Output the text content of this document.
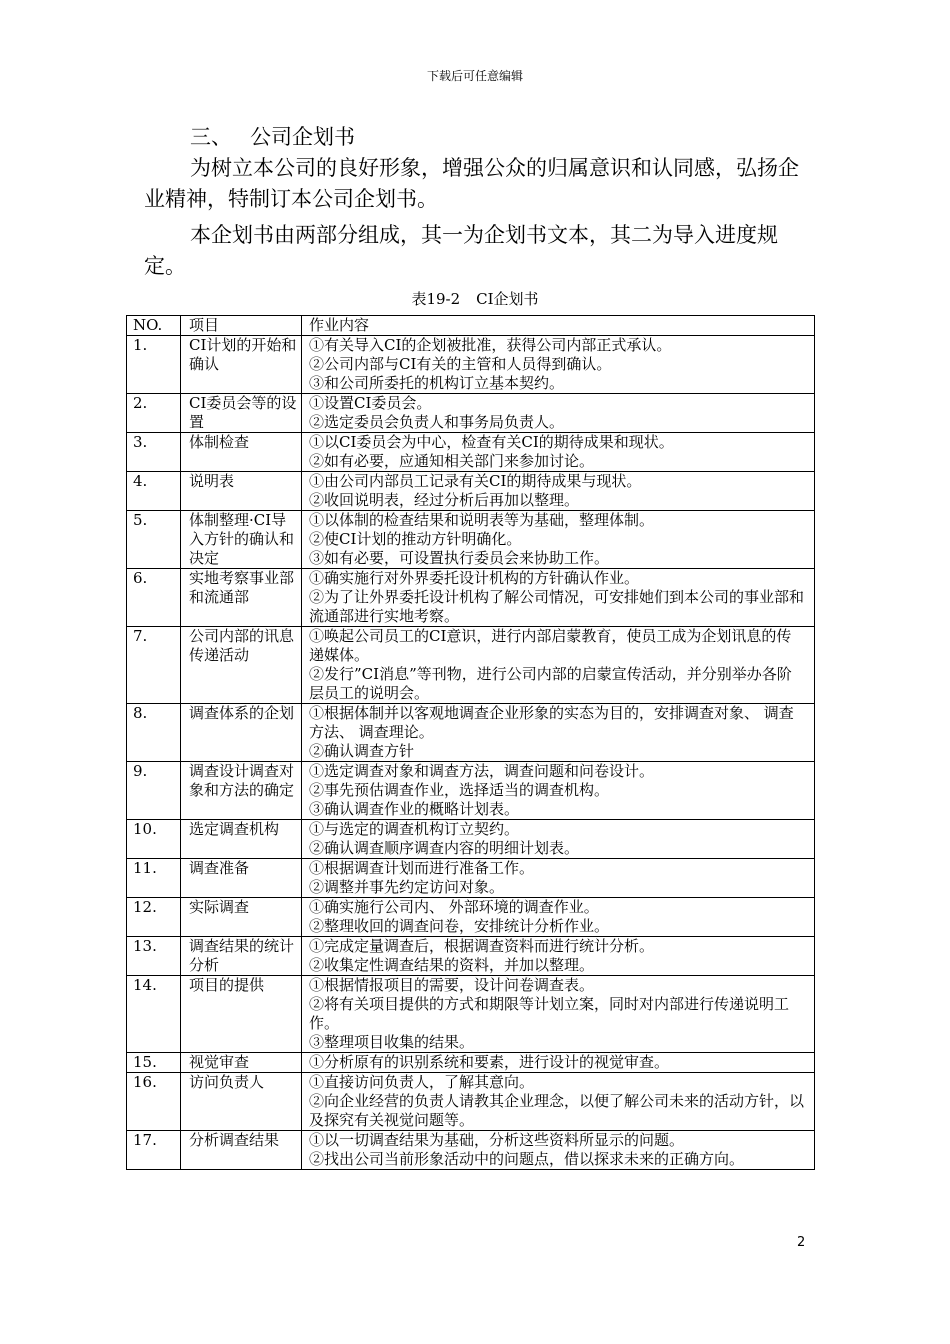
下载后可任意编辑
三、 公司企划书
为树立本公司的良好形象，增强公众的归属意识和认同感，弘扬企业精神，特制订本公司企划书。
本企划书由两部分组成，其一为企划书文本，其二为导入进度规定。
表19-2 CI企划书
NO.	项目	作业内容
1.	CI计划的开始和确认	①有关导入CI的企划被批准，获得公司内部正式承认。
②公司内部与CI有关的主管和人员得到确认。
③和公司所委托的机构订立基本契约。

2.	CI委员会等的设置	①设置CI委员会。
②选定委员会负责人和事务局负责人。

3.	体制检查	①以CI委员会为中心，检查有关CI的期待成果和现状。
②如有必要，应通知相关部门来参加讨论。

4.	说明表	①由公司内部员工记录有关CI的期待成果与现状。
②收回说明表，经过分析后再加以整理。

5.	体制整理·CI导入方针的确认和决定	①以体制的检查结果和说明表等为基础，整理体制。
②使CI计划的推动方针明确化。
③如有必要，可设置执行委员会来协助工作。

6.	实地考察事业部和流通部	①确实施行对外界委托设计机构的方针确认作业。
②为了让外界委托设计机构了解公司情况，可安排她们到本公司的事业部和流通部进行实地考察。

7.	公司内部的讯息传递活动	①唤起公司员工的CI意识，进行内部启蒙教育，使员工成为企划讯息的传递媒体。
②发行”CI消息”等刊物，进行公司内部的启蒙宣传活动，并分别举办各阶层员工的说明会。

8.	调查体系的企划	①根据体制并以客观地调查企业形象的实态为目的，安排调查对象、 调查方法、 调查理论。
②确认调查方针

9.	调查设计调查对象和方法的确定	①选定调查对象和调查方法，调查问题和问卷设计。
②事先预估调查作业，选择适当的调查机构。
③确认调查作业的概略计划表。

10.	选定调查机构	①与选定的调查机构订立契约。
②确认调查顺序调查内容的明细计划表。

11.	调查准备	①根据调查计划而进行准备工作。
②调整并事先约定访问对象。

12.	实际调查	①确实施行公司内、 外部环境的调查作业。
②整理收回的调查问卷，安排统计分析作业。

13.	调查结果的统计分析	①完成定量调查后，根据调查资料而进行统计分析。
②收集定性调查结果的资料，并加以整理。

14.	项目的提供	①根据情报项目的需要，设计问卷调查表。
②将有关项目提供的方式和期限等计划立案，同时对内部进行传递说明工作。
③整理项目收集的结果。

15.	视觉审查	①分析原有的识别系统和要素，进行设计的视觉审查。

16.	访问负责人	①直接访问负责人，了解其意向。
②向企业经营的负责人请教其企业理念，以便了解公司未来的活动方针，以及探究有关视觉问题等。

17.	分析调查结果	①以一切调查结果为基础，分析这些资料所显示的问题。
②找出公司当前形象活动中的问题点，借以探求未来的正确方向。
2
